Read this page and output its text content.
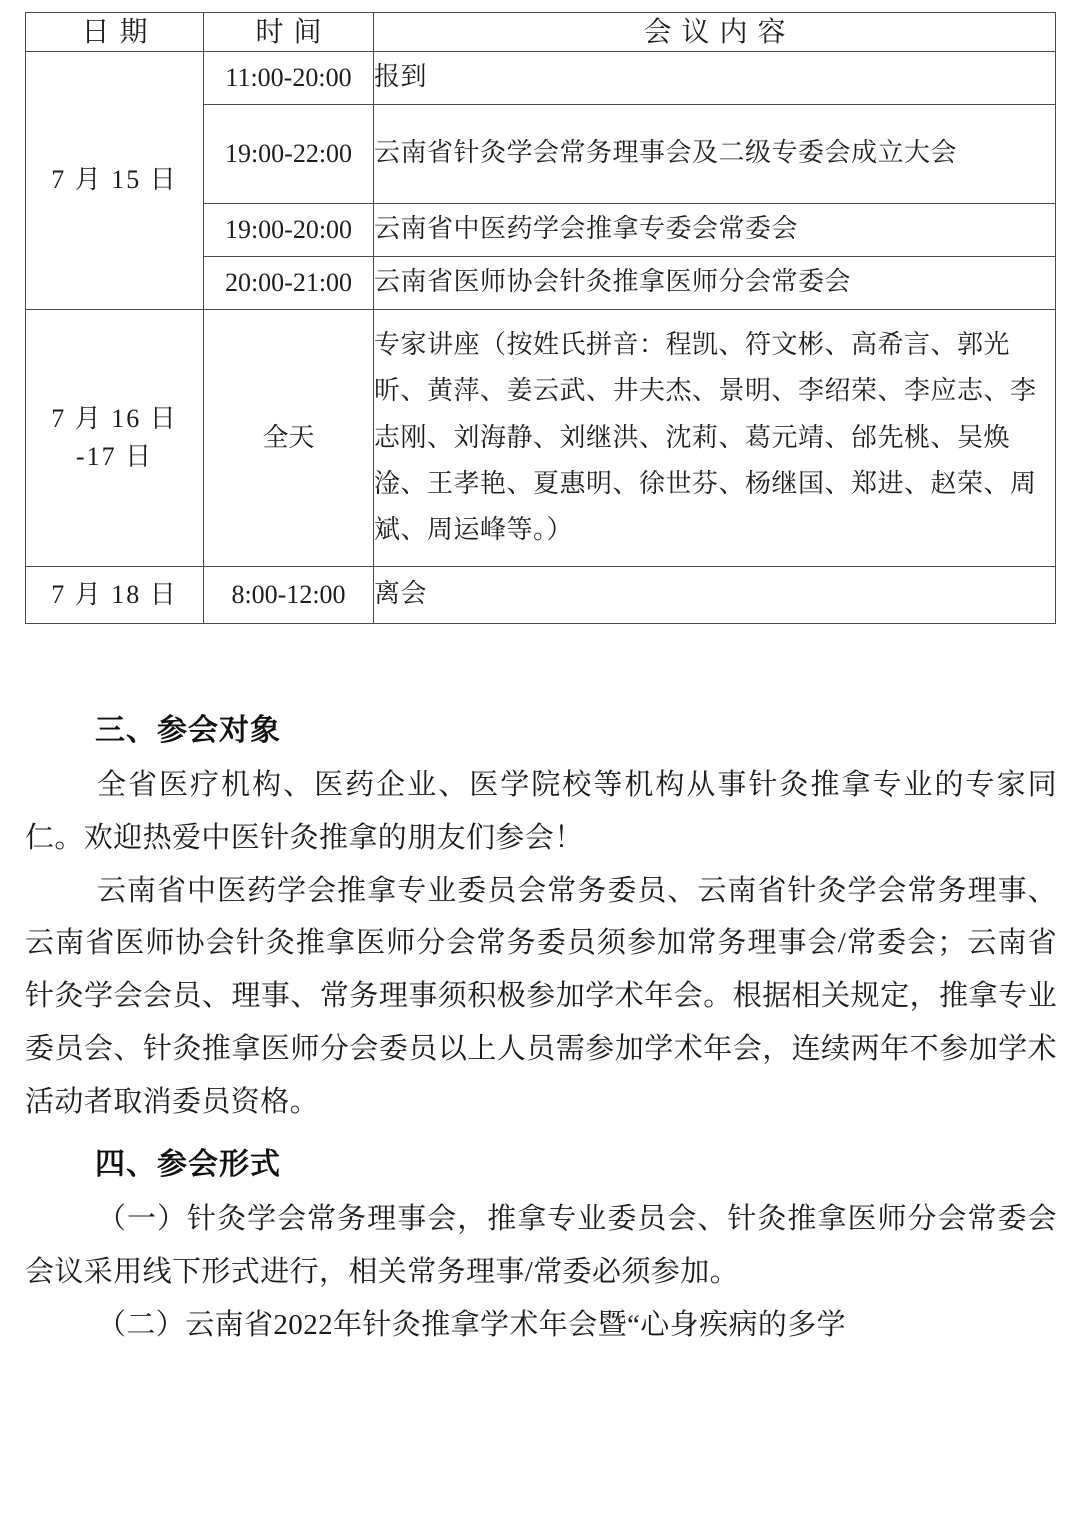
日期	时间	会议内容
7 月 15 日	11:00-20:00	报到
	19:00-22:00	云南省针灸学会常务理事会及二级专委会成立大会
	19:00-20:00	云南省中医药学会推拿专委会常委会
	20:00-21:00	云南省医师协会针灸推拿医师分会常委会

7 月 16 日
-17 日	全天	专家讲座（按姓氏拼音：程凯、符文彬、高希言、郭光昕、黄萍、姜云武、井夫杰、景明、李绍荣、李应志、李志刚、刘海静、刘继洪、沈莉、葛元靖、邰先桃、吴焕淦、王孝艳、夏惠明、徐世芬、杨继国、郑进、赵荣、周斌、周运峰等。）
7 月 18 日	8:00-12:00	离会
三、参会对象

全省医疗机构、医药企业、医学院校等机构从事针灸推拿专业的专家同仁。欢迎热爱中医针灸推拿的朋友们参会！

云南省中医药学会推拿专业委员会常务委员、云南省针灸学会常务理事、云南省医师协会针灸推拿医师分会常务委员须参加常务理事会/常委会；云南省针灸学会会员、理事、常务理事须积极参加学术年会。根据相关规定，推拿专业委员会、针灸推拿医师分会委员以上人员需参加学术年会，连续两年不参加学术活动者取消委员资格。

四、参会形式

（一）针灸学会常务理事会，推拿专业委员会、针灸推拿医师分会常委会会议采用线下形式进行，相关常务理事/常委必须参加。

（二）云南省2022年针灸推拿学术年会暨“心身疾病的多学
